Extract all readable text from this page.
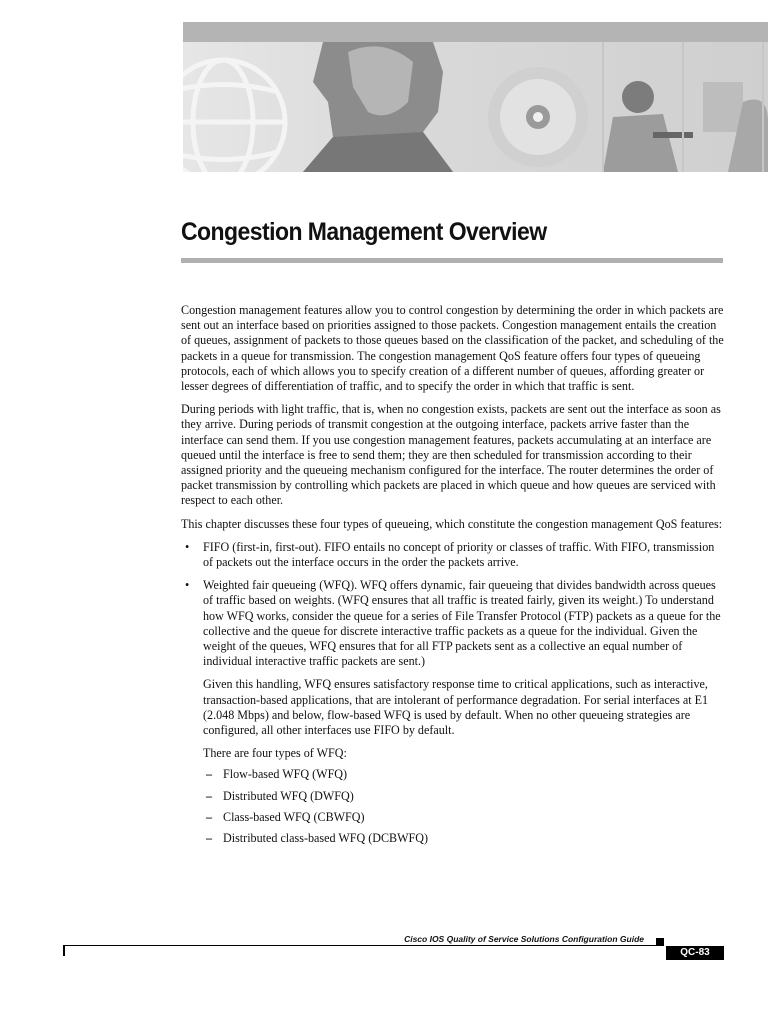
Congestion Management Overview

Congestion management features allow you to control congestion by determining the order in which packets are sent out an interface based on priorities assigned to those packets. Congestion management entails the creation of queues, assignment of packets to those queues based on the classification of the packet, and scheduling of the packets in a queue for transmission. The congestion management QoS feature offers four types of queueing protocols, each of which allows you to specify creation of a different number of queues, affording greater or lesser degrees of differentiation of traffic, and to specify the order in which that traffic is sent.

During periods with light traffic, that is, when no congestion exists, packets are sent out the interface as soon as they arrive. During periods of transmit congestion at the outgoing interface, packets arrive faster than the interface can send them. If you use congestion management features, packets accumulating at an interface are queued until the interface is free to send them; they are then scheduled for transmission according to their assigned priority and the queueing mechanism configured for the interface. The router determines the order of packet transmission by controlling which packets are placed in which queue and how queues are serviced with respect to each other.

This chapter discusses these four types of queueing, which constitute the congestion management QoS features:

• FIFO (first-in, first-out). FIFO entails no concept of priority or classes of traffic. With FIFO, transmission of packets out the interface occurs in the order the packets arrive.
• Weighted fair queueing (WFQ). WFQ offers dynamic, fair queueing that divides bandwidth across queues of traffic based on weights. (WFQ ensures that all traffic is treated fairly, given its weight.) To understand how WFQ works, consider the queue for a series of File Transfer Protocol (FTP) packets as a queue for the collective and the queue for discrete interactive traffic packets as a queue for the individual. Given the weight of the queues, WFQ ensures that for all FTP packets sent as a collective an equal number of individual interactive traffic packets are sent.)

Given this handling, WFQ ensures satisfactory response time to critical applications, such as interactive, transaction-based applications, that are intolerant of performance degradation. For serial interfaces at E1 (2.048 Mbps) and below, flow-based WFQ is used by default. When no other queueing strategies are configured, all other interfaces use FIFO by default.

There are four types of WFQ:

– Flow-based WFQ (WFQ)
– Distributed WFQ (DWFQ)
– Class-based WFQ (CBWFQ)
– Distributed class-based WFQ (DCBWFQ)
Cisco IOS Quality of Service Solutions Configuration Guide
QC-83
